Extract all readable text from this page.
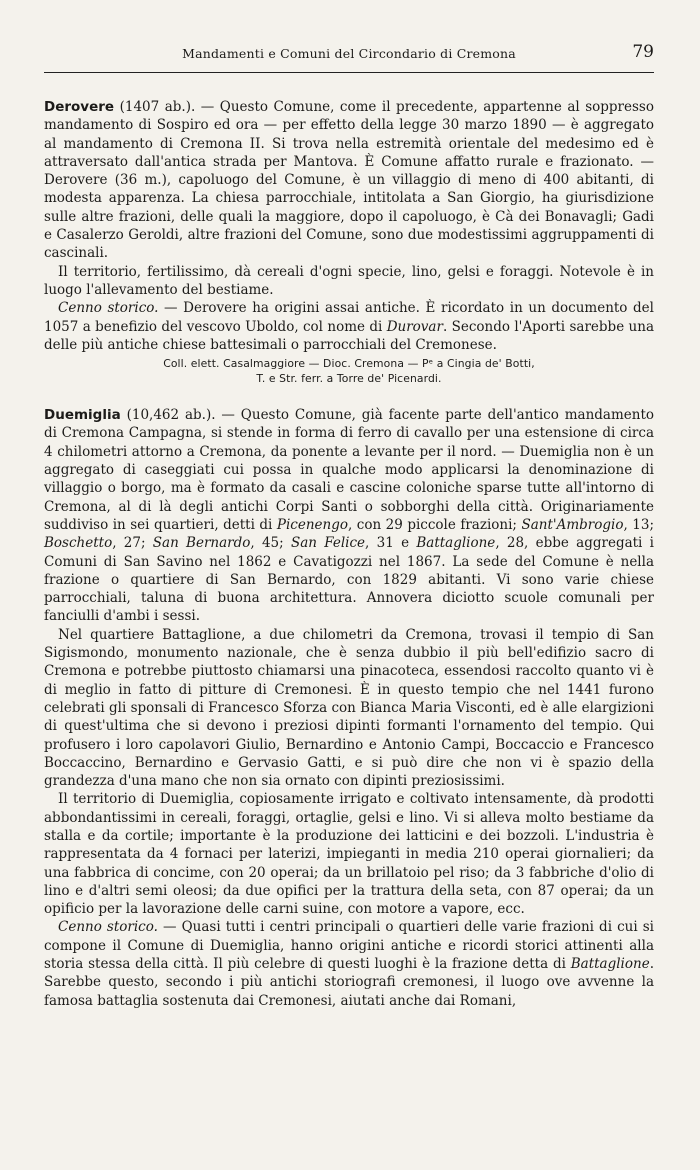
Mandamenti e Comuni del Circondario di Cremona	79

Derovere (1407 ab.). — Questo Comune, come il precedente, appartenne al soppresso mandamento di Sospiro ed ora — per effetto della legge 30 marzo 1890 — è aggregato al mandamento di Cremona II. Si trova nella estremità orientale del medesimo ed è attraversato dall'antica strada per Mantova. È Comune affatto rurale e frazionato. — Derovere (36 m.), capoluogo del Comune, è un villaggio di meno di 400 abitanti, di modesta apparenza. La chiesa parrocchiale, intitolata a San Giorgio, ha giurisdizione sulle altre frazioni, delle quali la maggiore, dopo il capoluogo, è Cà dei Bonavagli; Gadi e Casalerzo Geroldi, altre frazioni del Comune, sono due modestissimi aggruppamenti di cascinali.

Il territorio, fertilissimo, dà cereali d'ogni specie, lino, gelsi e foraggi. Notevole è in luogo l'allevamento del bestiame.

Cenno storico. — Derovere ha origini assai antiche. È ricordato in un documento del 1057 a benefizio del vescovo Uboldo, col nome di Durovar. Secondo l'Aporti sarebbe una delle più antiche chiese battesimali o parrocchiali del Cremonese.

Coll. elett. Casalmaggiore — Dioc. Cremona — Pᵉ a Cingia de' Botti,
T. e Str. ferr. a Torre de' Picenardi.

Duemiglia (10,462 ab.). — Questo Comune, già facente parte dell'antico mandamento di Cremona Campagna, si stende in forma di ferro di cavallo per una estensione di circa 4 chilometri attorno a Cremona, da ponente a levante per il nord. — Duemiglia non è un aggregato di caseggiati cui possa in qualche modo applicarsi la denominazione di villaggio o borgo, ma è formato da casali e cascine coloniche sparse tutte all'intorno di Cremona, al di là degli antichi Corpi Santi o sobborghi della città. Originariamente suddiviso in sei quartieri, detti di Picenengo, con 29 piccole frazioni; Sant'Ambrogio, 13; Boschetto, 27; San Bernardo, 45; San Felice, 31 e Battaglione, 28, ebbe aggregati i Comuni di San Savino nel 1862 e Cavatigozzi nel 1867. La sede del Comune è nella frazione o quartiere di San Bernardo, con 1829 abitanti. Vi sono varie chiese parrocchiali, taluna di buona architettura. Annovera diciotto scuole comunali per fanciulli d'ambi i sessi.

Nel quartiere Battaglione, a due chilometri da Cremona, trovasi il tempio di San Sigismondo, monumento nazionale, che è senza dubbio il più bell'edifizio sacro di Cremona e potrebbe piuttosto chiamarsi una pinacoteca, essendosi raccolto quanto vi è di meglio in fatto di pitture di Cremonesi. È in questo tempio che nel 1441 furono celebrati gli sponsali di Francesco Sforza con Bianca Maria Visconti, ed è alle elargizioni di quest'ultima che si devono i preziosi dipinti formanti l'ornamento del tempio. Qui profusero i loro capolavori Giulio, Bernardino e Antonio Campi, Boccaccio e Francesco Boccaccino, Bernardino e Gervasio Gatti, e si può dire che non vi è spazio della grandezza d'una mano che non sia ornato con dipinti preziosissimi.

Il territorio di Duemiglia, copiosamente irrigato e coltivato intensamente, dà prodotti abbondantissimi in cereali, foraggi, ortaglie, gelsi e lino. Vi si alleva molto bestiame da stalla e da cortile; importante è la produzione dei latticini e dei bozzoli. L'industria è rappresentata da 4 fornaci per laterizi, impieganti in media 210 operai giornalieri; da una fabbrica di concime, con 20 operai; da un brillatoio pel riso; da 3 fabbriche d'olio di lino e d'altri semi oleosi; da due opifici per la trattura della seta, con 87 operai; da un opificio per la lavorazione delle carni suine, con motore a vapore, ecc.

Cenno storico. — Quasi tutti i centri principali o quartieri delle varie frazioni di cui si compone il Comune di Duemiglia, hanno origini antiche e ricordi storici attinenti alla storia stessa della città. Il più celebre di questi luoghi è la frazione detta di Battaglione. Sarebbe questo, secondo i più antichi storiografi cremonesi, il luogo ove avvenne la famosa battaglia sostenuta dai Cremonesi, aiutati anche dai Romani,
